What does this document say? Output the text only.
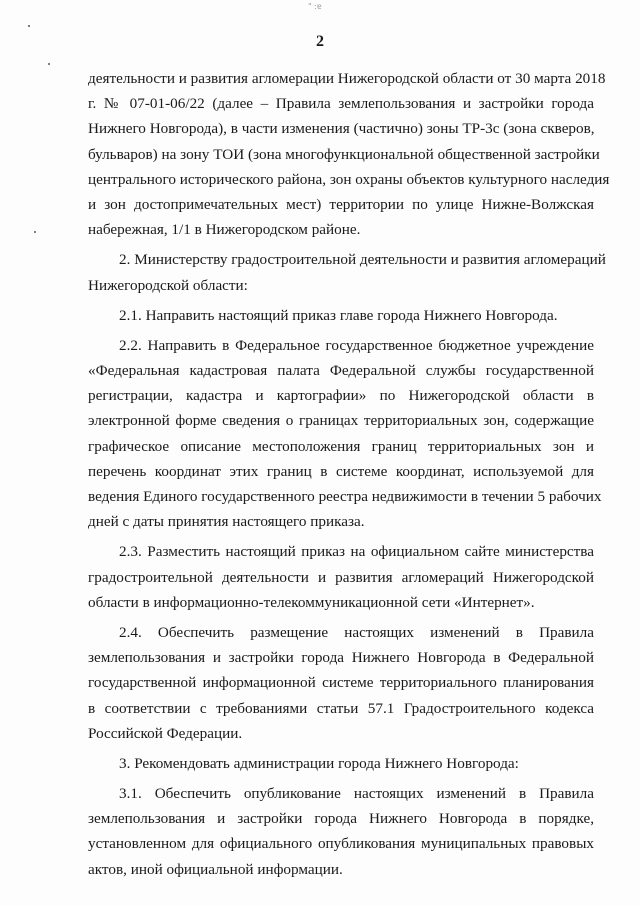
" :ɐ
2
деятельности и развития агломерации Нижегородской области от 30 марта 2018
г. № 07-01-06/22 (далее – Правила землепользования и застройки города
Нижнего Новгорода), в части изменения (частично) зоны ТР-3с (зона скверов,
бульваров) на зону ТОИ (зона многофункциональной общественной застройки
центрального исторического района, зон охраны объектов культурного наследия
и зон достопримечательных мест) территории по улице Нижне-Волжская
набережная, 1/1 в Нижегородском районе.
2. Министерству градостроительной деятельности и развития агломераций
Нижегородской области:
2.1. Направить настоящий приказ главе города Нижнего Новгорода.
2.2. Направить в Федеральное государственное бюджетное учреждение
«Федеральная кадастровая палата Федеральной службы государственной
регистрации, кадастра и картографии» по Нижегородской области в
электронной форме сведения о границах территориальных зон, содержащие
графическое описание местоположения границ территориальных зон и
перечень координат этих границ в системе координат, используемой для
ведения Единого государственного реестра недвижимости в течении 5 рабочих
дней с даты принятия настоящего приказа.
2.3. Разместить настоящий приказ на официальном сайте министерства
градостроительной деятельности и развития агломераций Нижегородской
области в информационно-телекоммуникационной сети «Интернет».
2.4. Обеспечить размещение настоящих изменений в Правила
землепользования и застройки города Нижнего Новгорода в Федеральной
государственной информационной системе территориального планирования
в соответствии с требованиями статьи 57.1 Градостроительного кодекса
Российской Федерации.
3. Рекомендовать администрации города Нижнего Новгорода:
3.1. Обеспечить опубликование настоящих изменений в Правила
землепользования и застройки города Нижнего Новгорода в порядке,
установленном для официального опубликования муниципальных правовых
актов, иной официальной информации.
